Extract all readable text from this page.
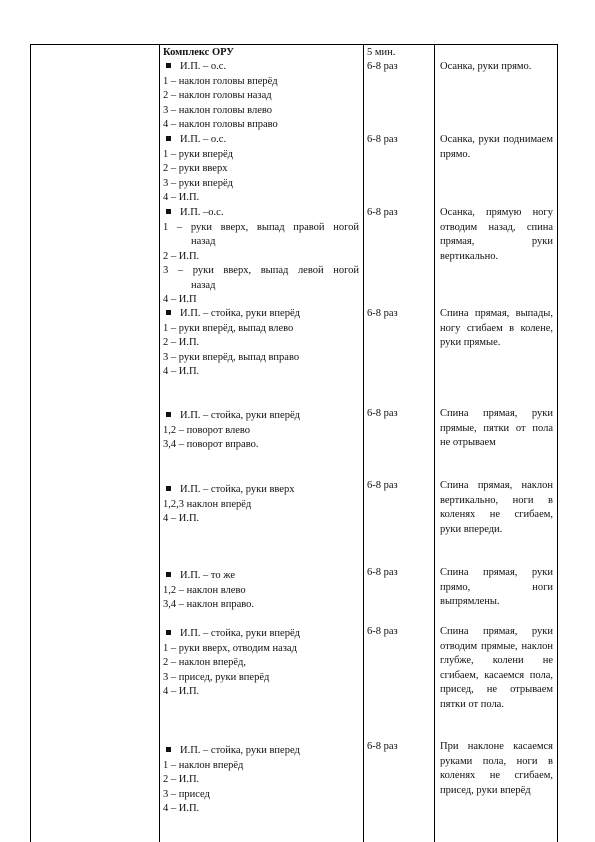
Комплекс ОРУ	5 мин.
И.П. – о.с.
1 – наклон головы вперёд
2 – наклон головы назад
3 – наклон головы влево
4 – наклон головы вправо
6-8 раз	Осанка, руки прямо.
И.П. – о.с.
1 – руки вперёд
2 – руки вверх
3 – руки вперёд
4 – И.П.
6-8 раз	Осанка, руки поднимаем прямо.
И.П. –о.с.
1 – руки вверх, выпад правой ногой
назад
2 – И.П.
3 – руки вверх, выпад левой ногой
назад
4 – И.П
6-8 раз	Осанка, прямую ногу отводим назад, спина прямая, руки вертикально.
И.П. – стойка, руки вперёд
1 – руки вперёд, выпад влево
2 – И.П.
3 – руки вперёд, выпад вправо
4 – И.П.
6-8 раз	Спина прямая, выпады, ногу сгибаем в колене, руки прямые.
И.П. – стойка, руки вперёд
1,2 – поворот влево
3,4 – поворот вправо.
6-8 раз	Спина прямая, руки прямые, пятки от пола не отрываем
И.П. – стойка, руки вверх
1,2,3 наклон вперёд
4 – И.П.
6-8 раз	Спина прямая, наклон вертикально, ноги в коленях не сгибаем, руки впереди.
И.П. – то же
1,2 – наклон влево
3,4 – наклон вправо.
6-8 раз	Спина прямая, руки прямо, ноги выпрямлены.
И.П. – стойка, руки вперёд
1 – руки вверх, отводим назад
2 – наклон вперёд,
3 – присед, руки вперёд
4 – И.П.
6-8 раз	Спина прямая, руки отводим прямые, наклон глубже, колени не сгибаем, касаемся пола, присед, не отрываем пятки от пола.
И.П. – стойка, руки вперед
1 – наклон вперёд
2 – И.П.
3 – присед
4 – И.П.
6-8 раз	При наклоне касаемся руками пола, ноги в коленях не сгибаем, присед, руки вперёд
